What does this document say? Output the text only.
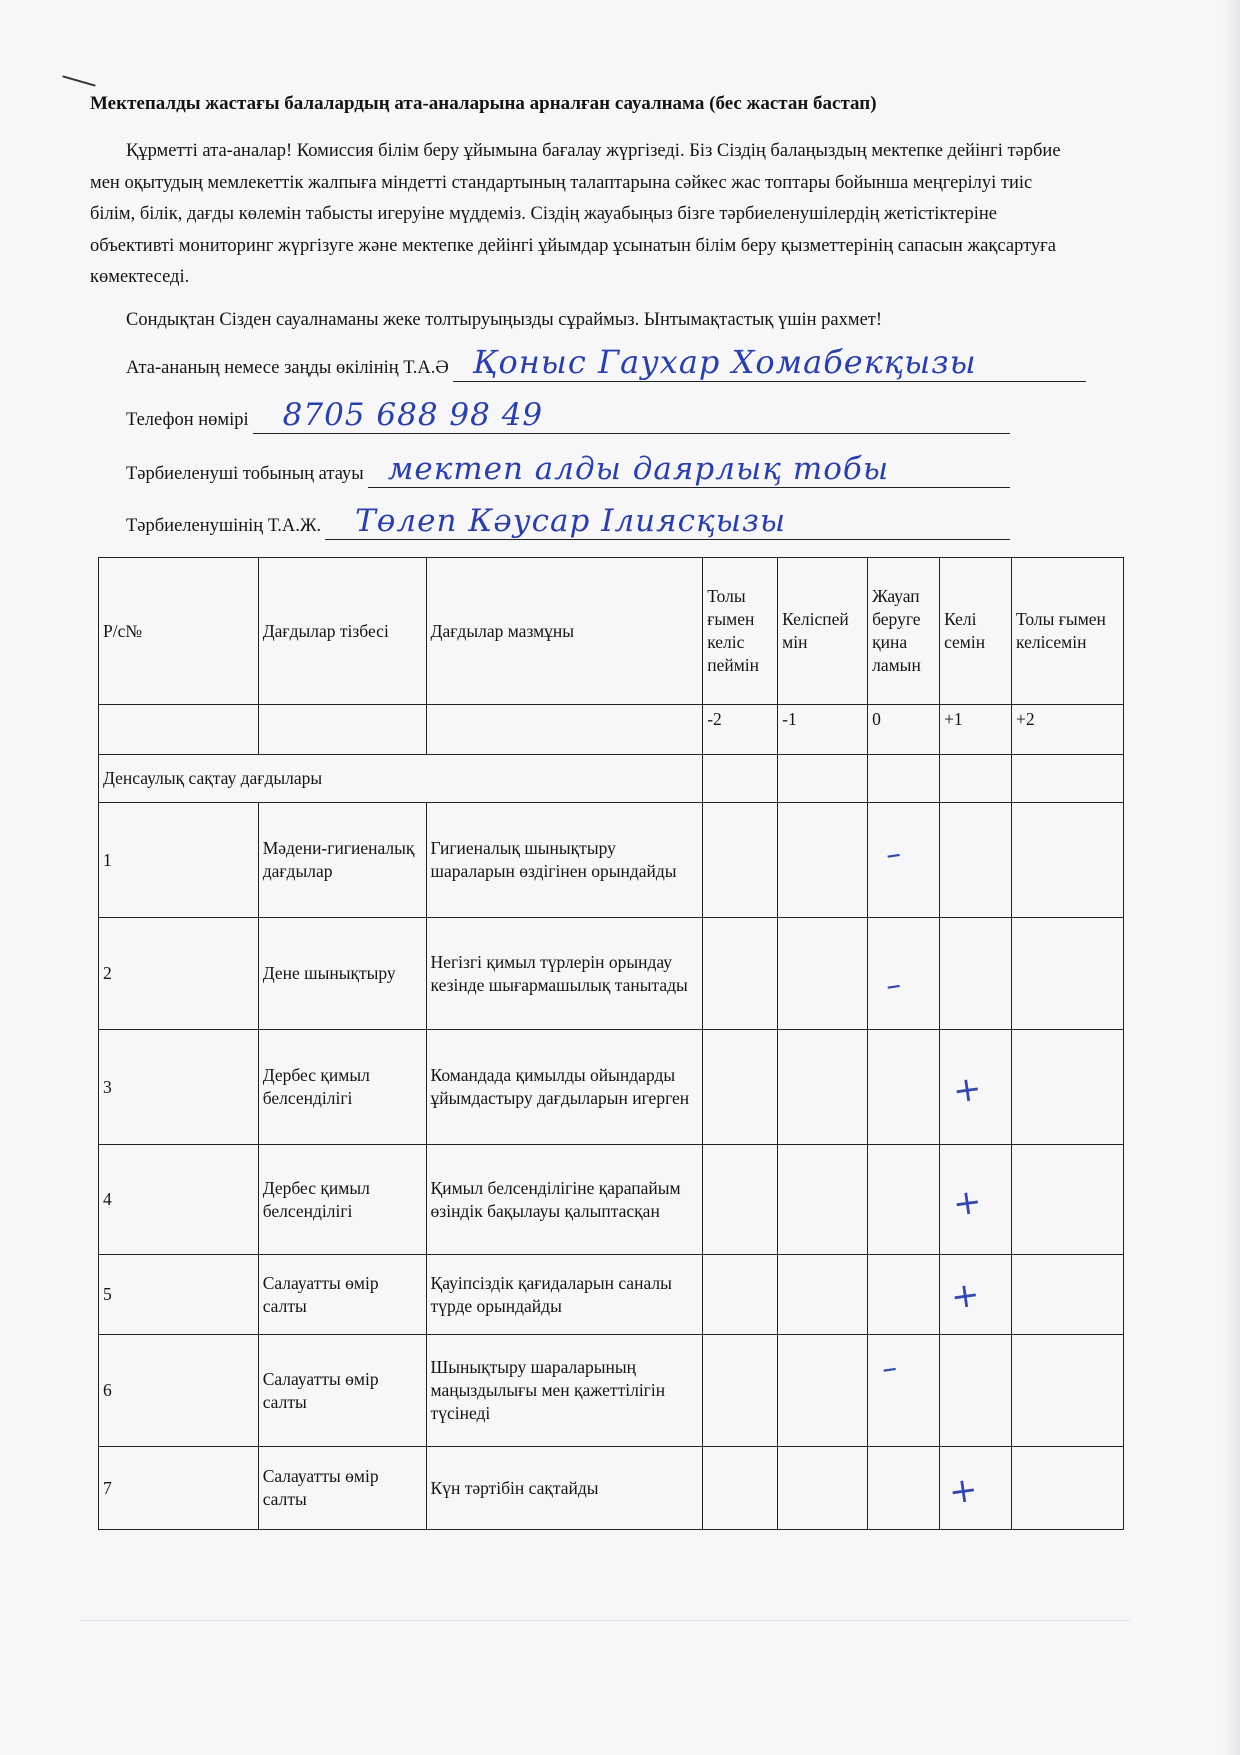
Мектепалды жастағы балалардың ата-аналарына арналған сауалнама (бес жастан бастап)
Құрметті ата-аналар! Комиссия білім беру ұйымына бағалау жүргізеді. Біз Сіздің балаңыздың мектепке дейінгі тәрбие мен оқытудың мемлекеттік жалпыға міндетті стандартының талаптарына сәйкес жас топтары бойынша меңгерілуі тиіс білім, білік, дағды көлемін табысты игеруіне мүддеміз. Сіздің жауабыңыз бізге тәрбиеленушілердің жетістіктеріне объективті мониторинг жүргізуге және мектепке дейінгі ұйымдар ұсынатын білім беру қызметтерінің сапасын жақсартуға көмектеседі.
Сондықтан Сізден сауалнаманы жеке толтыруыңызды сұраймыз. Ынтымақтастық үшін рахмет!
Ата-ананың немесе заңды өкілінің Т.А.Ә Қоныс Гаухар Хомабекқызы
Телефон нөмірі 8705 688 98 49
Тәрбиеленуші тобының атауы мектеп алды даярлық тобы
Тәрбиеленушінің Т.А.Ж. Төлеп Кәусар Ілиясқызы
Р/с№	Дағдылар тізбесі	Дағдылар мазмұны	Толы ғымен келіс пеймін	Келіспей мін	Жауап беруге қина ламын	Келі семін	Толы ғымен келісемін
			-2	-1	0	+1	+2
Денсаулық сақтау дағдылары							
1	Мәдени-гигиеналық дағдылар	Гигиеналық шынықтыру шараларын өздігінен орындайды			–		
2	Дене шынықтыру	Негізгі қимыл түрлерін орындау кезінде шығармашылық танытады			–		
3	Дербес қимыл белсенділігі	Командада қимылды ойындарды ұйымдастыру дағдыларын игерген				+	
4	Дербес қимыл белсенділігі	Қимыл белсенділігіне қарапайым өзіндік бақылауы қалыптасқан				+	
5	Салауатты өмір салты	Қауіпсіздік қағидаларын саналы түрде орындайды				+	
6	Салауатты өмір салты	Шынықтыру шараларының маңыздылығы мен қажеттілігін түсінеді			–		
7	Салауатты өмір салты	Күн тәртібін сақтайды				+	
